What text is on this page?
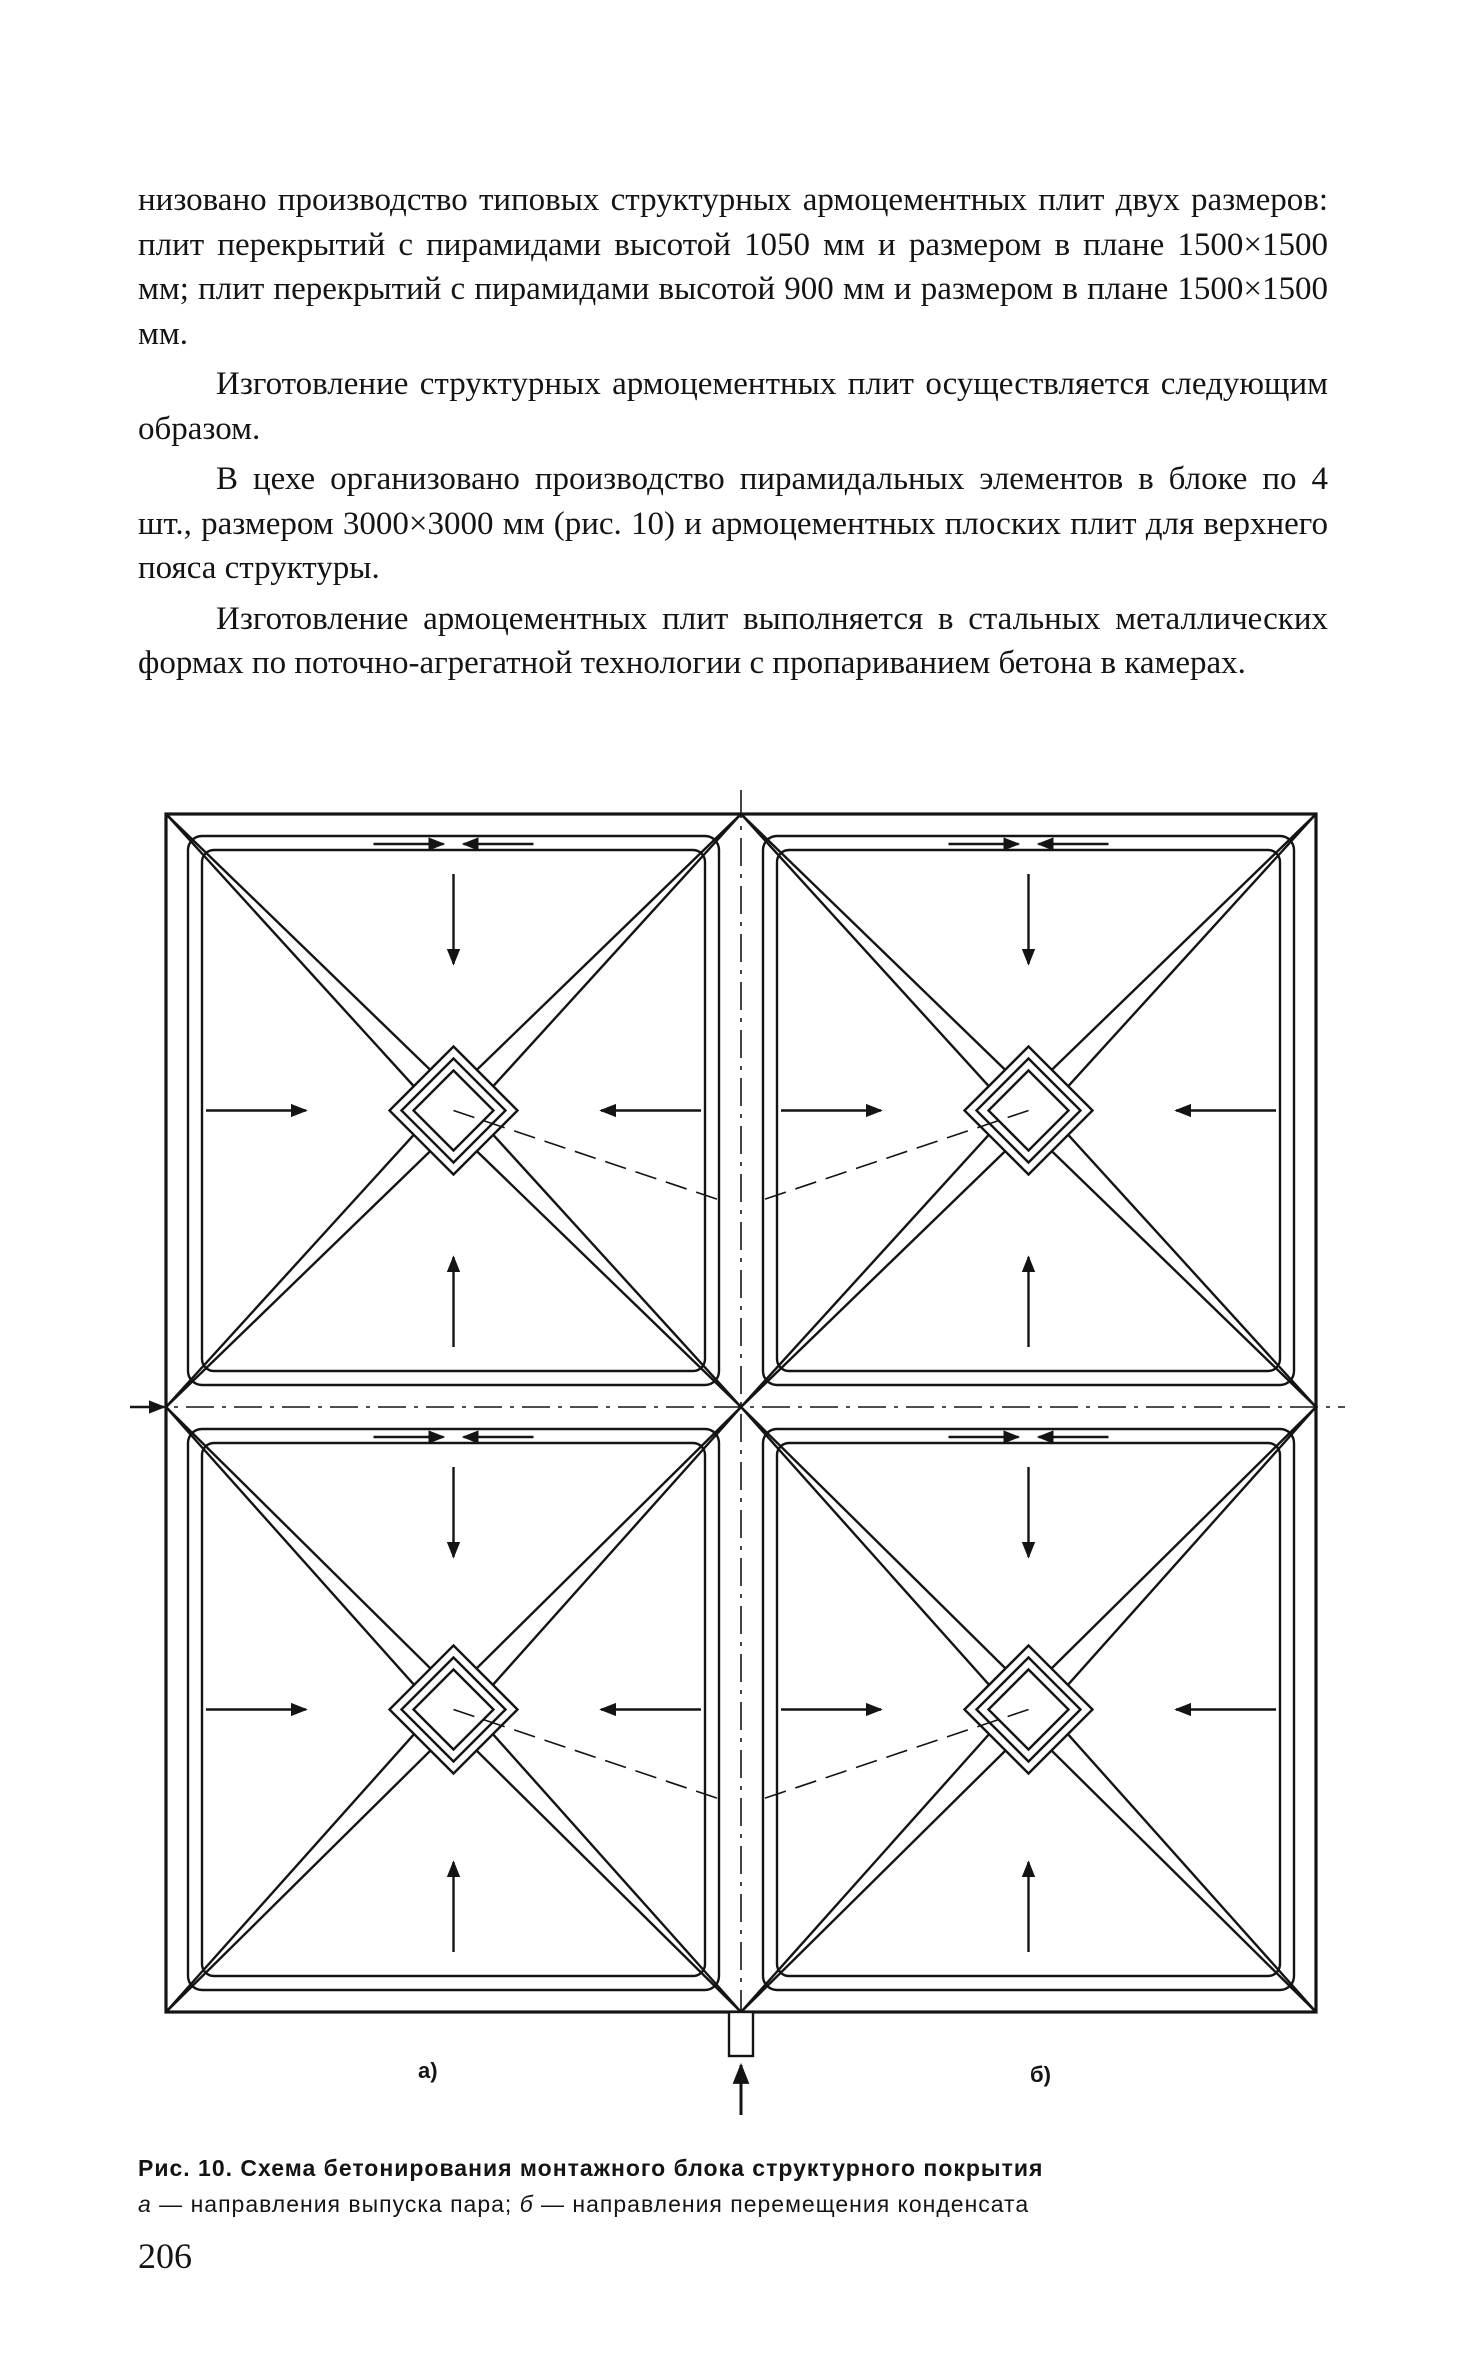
низовано производство типовых структурных армоцементных плит двух размеров: плит перекрытий с пирамидами высотой 1050 мм и размером в плане 1500×1500 мм; плит перекрытий с пирамидами высотой 900 мм и размером в плане 1500×1500 мм.

Изготовление структурных армоцементных плит осуществляется следующим образом.

В цехе организовано производство пирамидальных элементов в блоке по 4 шт., размером 3000×3000 мм (рис. 10) и армоцементных плоских плит для верхнего пояса структуры.

Изготовление армоцементных плит выполняется в стальных металлических формах по поточно-агрегатной технологии с пропариванием бетона в камерах.

а)	б)
Рис. 10. Схема бетонирования монтажного блока структурного покрытия
а — направления выпуска пара; б — направления перемещения конденсата
206
